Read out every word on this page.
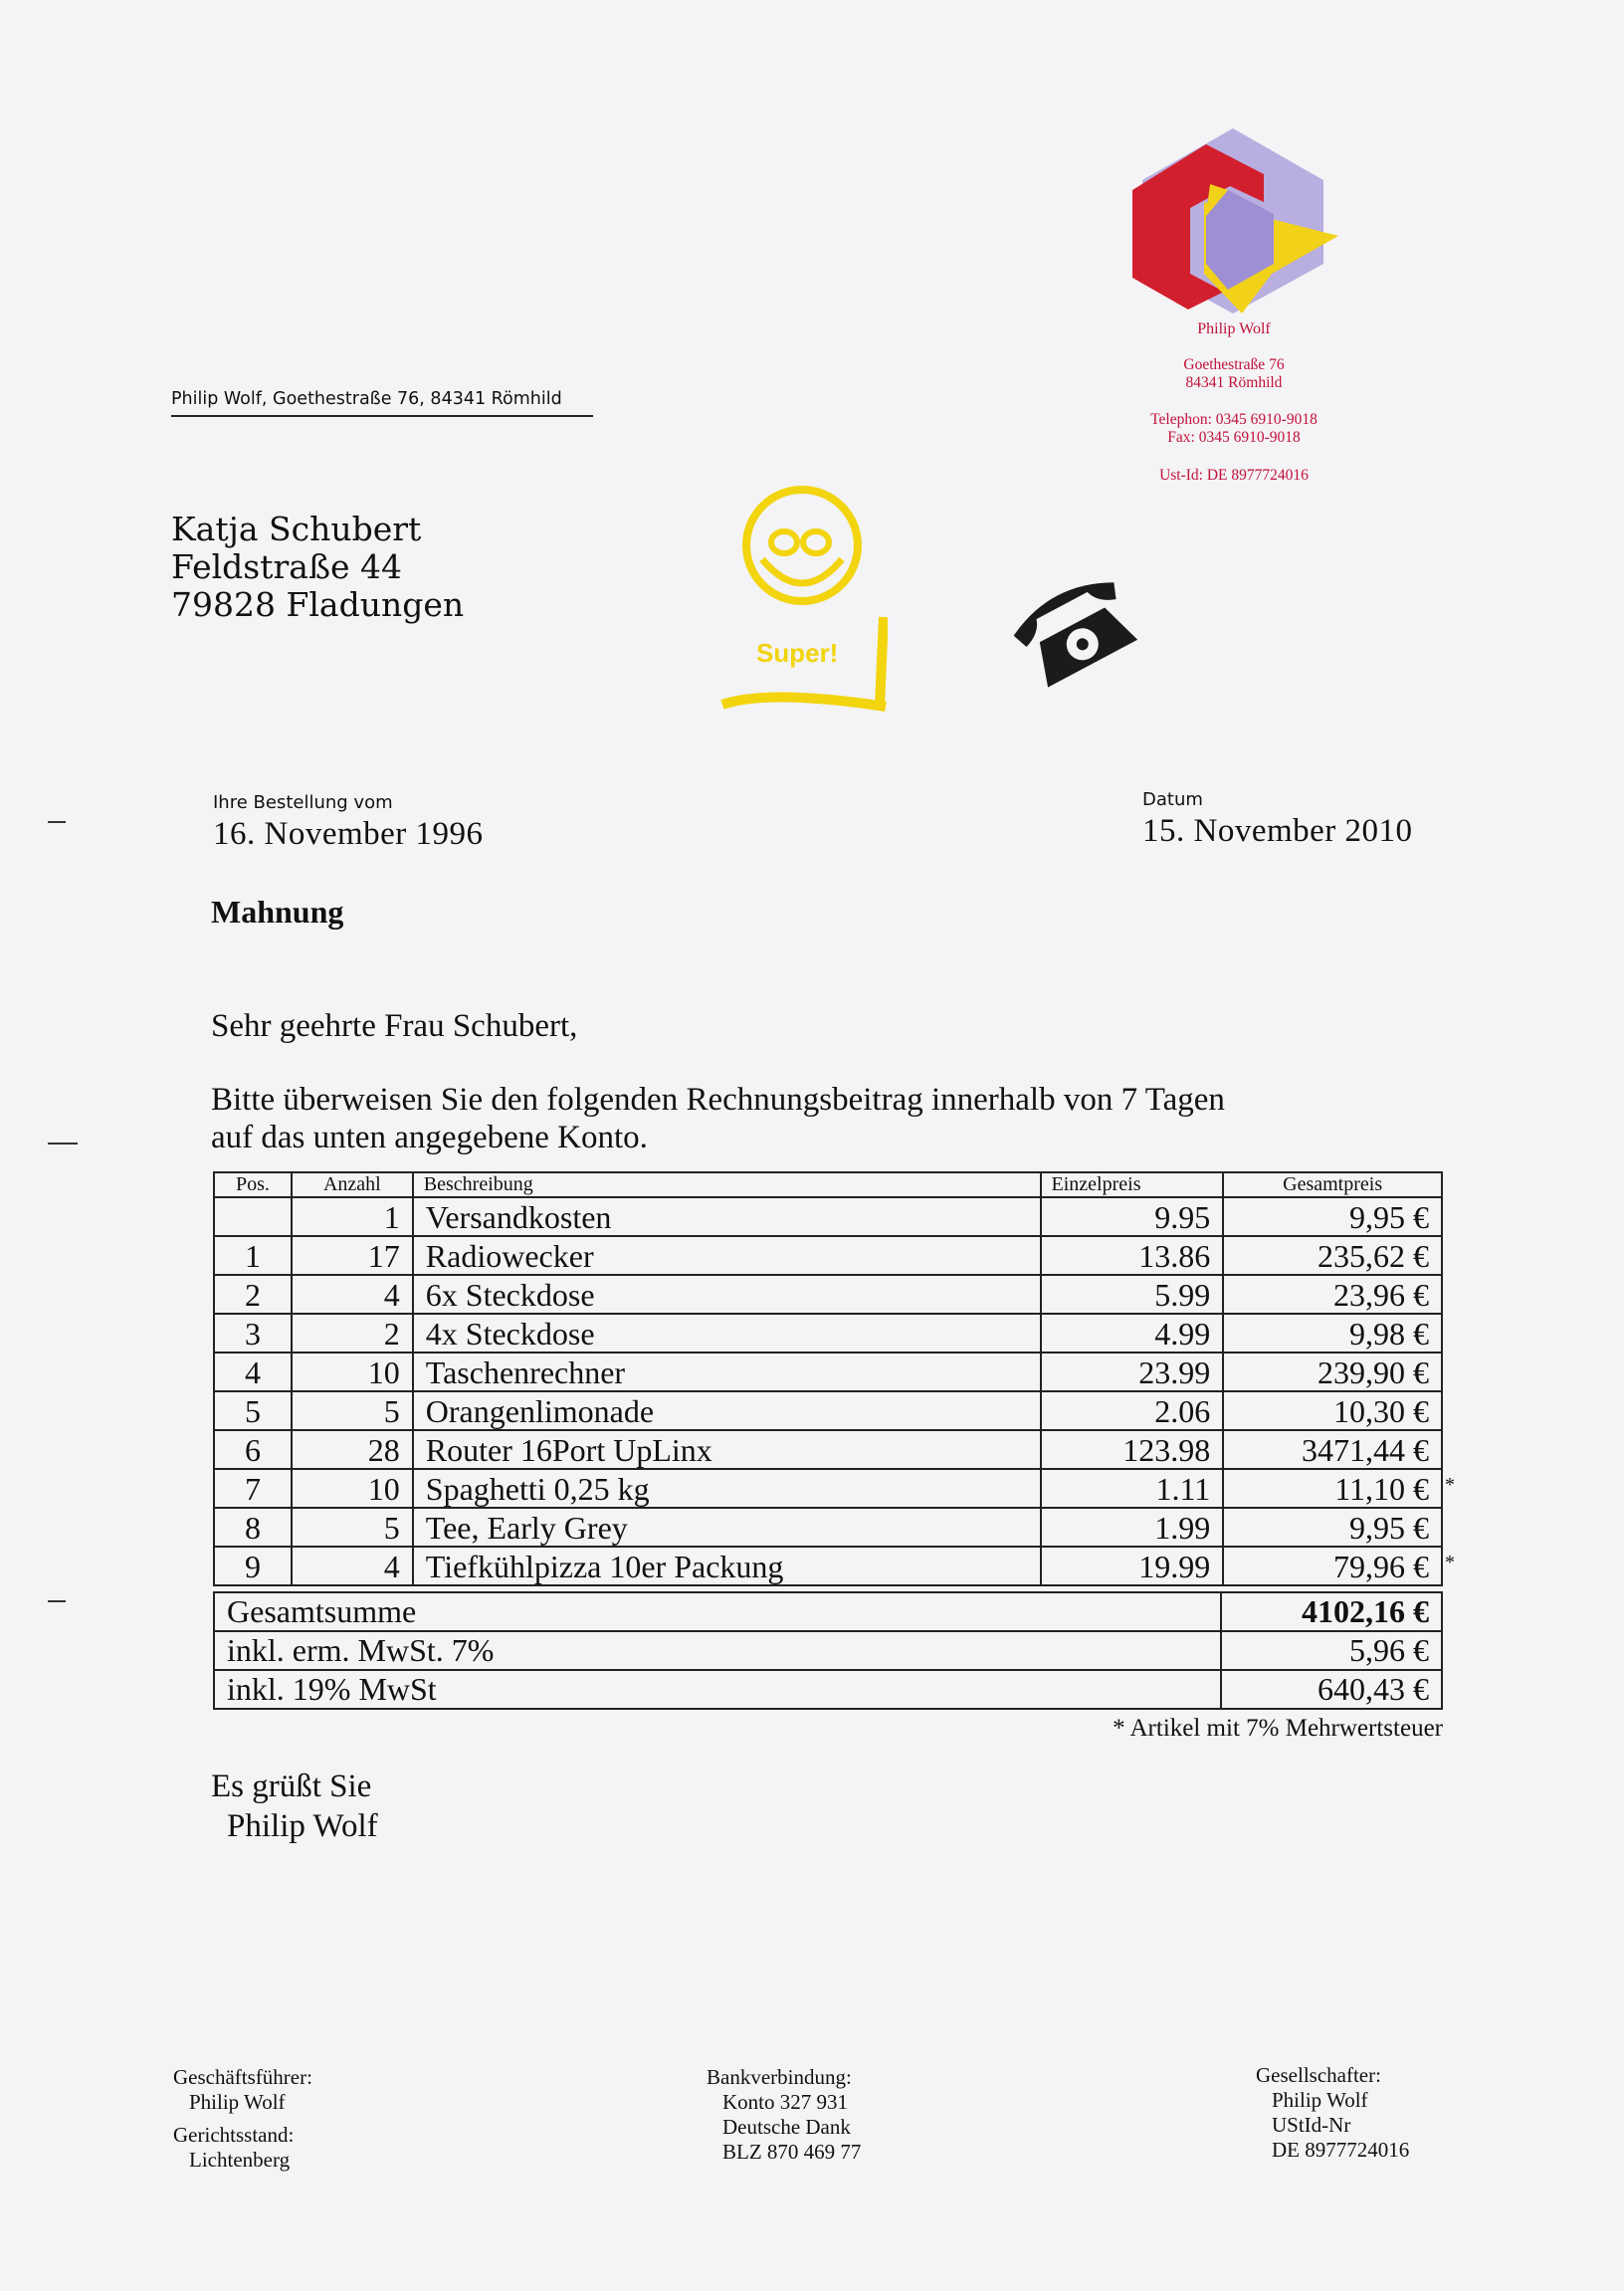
Philip Wolf
Goethestraße 76
84341 Römhild
Telephon: 0345 6910-9018
Fax: 0345 6910-9018
Ust-Id: DE 8977724016
Philip Wolf, Goethestraße 76, 84341 Römhild
Katja Schubert
Feldstraße 44
79828 Fladungen
Super!
Ihre Bestellung vom
16. November 1996
Datum
15. November 2010
Mahnung
Sehr geehrte Frau Schubert,
Bitte überweisen Sie den folgenden Rechnungsbeitrag innerhalb von 7 Tagen
auf das unten angegebene Konto.
Pos.	Anzahl	Beschreibung	Einzelpreis	Gesamtpreis
	1	Versandkosten	9.95	9,95 €
1	17	Radiowecker	13.86	235,62 €
2	4	6x Steckdose	5.99	23,96 €
3	2	4x Steckdose	4.99	9,98 €
4	10	Taschenrechner	23.99	239,90 €
5	5	Orangenlimonade	2.06	10,30 €
6	28	Router 16Port UpLinx	123.98	3471,44 €
7	10	Spaghetti 0,25 kg	1.11	11,10 € *

8	5	Tee, Early Grey	1.99	9,95 €
9	4	Tiefkühlpizza 10er Packung	19.99	79,96 € *
Gesamtsumme	4102,16 €
inkl. erm. MwSt. 7%	5,96 €
inkl. 19% MwSt	640,43 €
* Artikel mit 7% Mehrwertsteuer
Es grüßt Sie
Philip Wolf
Geschäftsführer:
Philip Wolf
Gerichtsstand:
Lichtenberg
Bankverbindung:
Konto 327 931
Deutsche Dank
BLZ 870 469 77
Gesellschafter:
Philip Wolf
UStId-Nr
DE 8977724016
